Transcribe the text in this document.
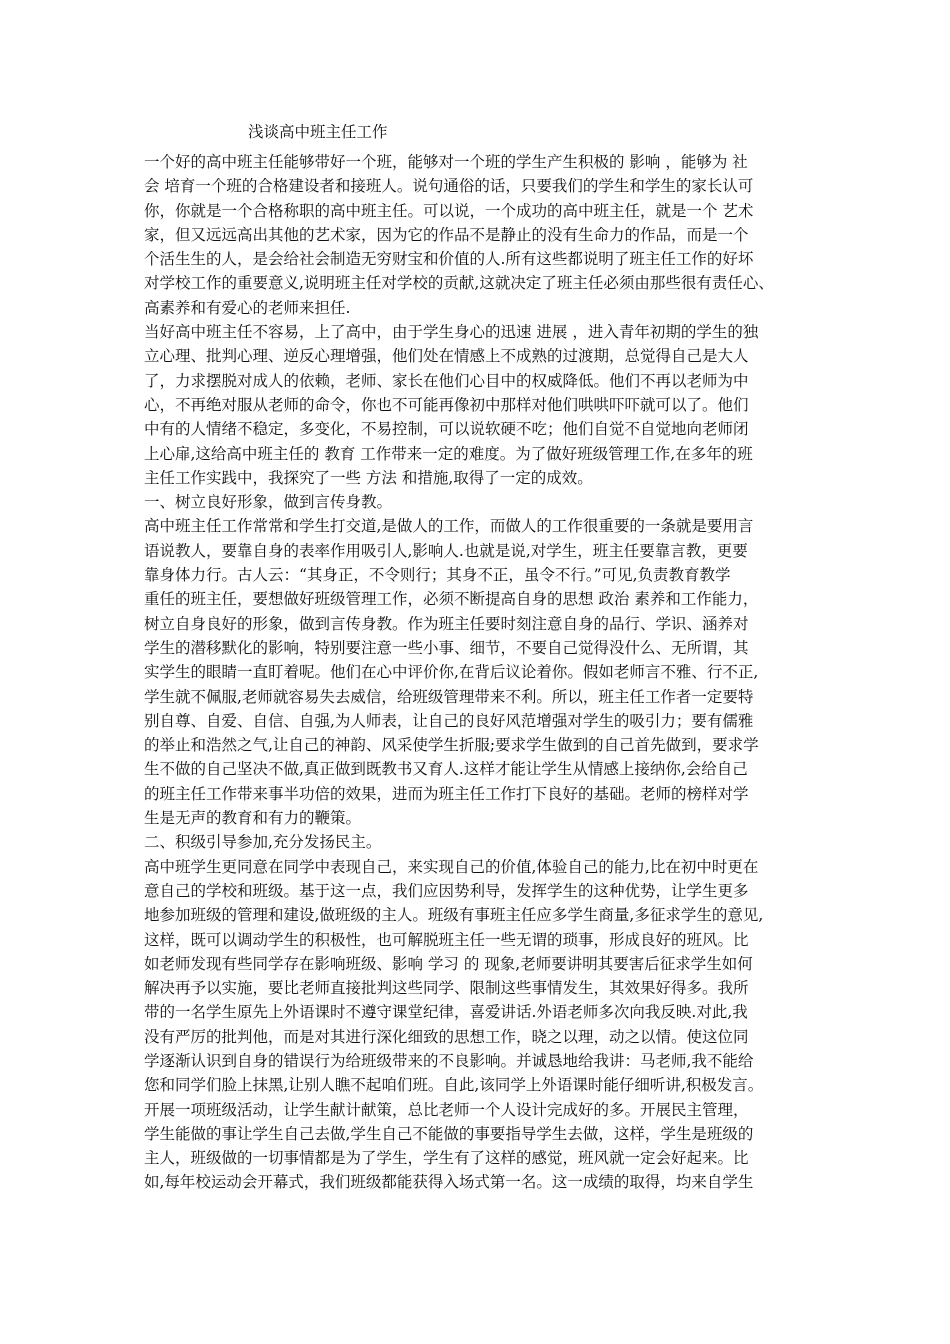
浅谈高中班主任工作
一个好的高中班主任能够带好一个班，能够对一个班的学生产生积极的 影响 ，能够为 社
会 培育一个班的合格建设者和接班人。说句通俗的话，只要我们的学生和学生的家长认可
你，你就是一个合格称职的高中班主任。可以说，一个成功的高中班主任，就是一个 艺术
家，但又远远高出其他的艺术家，因为它的作品不是静止的没有生命力的作品，而是一个
个活生生的人，是会给社会制造无穷财宝和价值的人.所有这些都说明了班主任工作的好坏
对学校工作的重要意义,说明班主任对学校的贡献,这就决定了班主任必须由那些很有责任心、
高素养和有爱心的老师来担任.
当好高中班主任不容易，上了高中，由于学生身心的迅速 进展 ，进入青年初期的学生的独
立心理、批判心理、逆反心理增强，他们处在情感上不成熟的过渡期，总觉得自己是大人
了，力求摆脱对成人的依赖，老师、家长在他们心目中的权威降低。他们不再以老师为中
心，不再绝对服从老师的命令，你也不可能再像初中那样对他们哄哄吓吓就可以了。他们
中有的人情绪不稳定，多变化，不易控制，可以说软硬不吃；他们自觉不自觉地向老师闭
上心扉,这给高中班主任的 教育 工作带来一定的难度。为了做好班级管理工作,在多年的班
主任工作实践中，我探究了一些 方法 和措施,取得了一定的成效。
一、树立良好形象，做到言传身教。
高中班主任工作常常和学生打交道,是做人的工作，而做人的工作很重要的一条就是要用言
语说教人，要靠自身的表率作用吸引人,影响人.也就是说,对学生，班主任要靠言教，更要
靠身体力行。古人云：“其身正，不令则行；其身不正，虽令不行。”可见,负责教育教学
重任的班主任，要想做好班级管理工作，必须不断提高自身的思想 政治 素养和工作能力，
树立自身良好的形象，做到言传身教。作为班主任要时刻注意自身的品行、学识、涵养对
学生的潜移默化的影响，特别要注意一些小事、细节，不要自己觉得没什么、无所谓，其
实学生的眼睛一直盯着呢。他们在心中评价你,在背后议论着你。假如老师言不雅、行不正,
学生就不佩服,老师就容易失去威信，给班级管理带来不利。所以，班主任工作者一定要特
别自尊、自爱、自信、自强,为人师表，让自己的良好风范增强对学生的吸引力；要有儒雅
的举止和浩然之气,让自己的神韵、风采使学生折服;要求学生做到的自己首先做到，要求学
生不做的自己坚决不做,真正做到既教书又育人.这样才能让学生从情感上接纳你,会给自己
的班主任工作带来事半功倍的效果，进而为班主任工作打下良好的基础。老师的榜样对学
生是无声的教育和有力的鞭策。
二、积级引导参加,充分发扬民主。
高中班学生更同意在同学中表现自己，来实现自己的价值,体验自己的能力,比在初中时更在
意自己的学校和班级。基于这一点，我们应因势利导，发挥学生的这种优势，让学生更多
地参加班级的管理和建设,做班级的主人。班级有事班主任应多学生商量,多征求学生的意见,
这样，既可以调动学生的积极性，也可解脱班主任一些无谓的琐事，形成良好的班风。比
如老师发现有些同学存在影响班级、影响 学习 的 现象,老师要讲明其要害后征求学生如何
解决再予以实施，要比老师直接批判这些同学、限制这些事情发生，其效果好得多。我所
带的一名学生原先上外语课时不遵守课堂纪律，喜爱讲话.外语老师多次向我反映.对此,我
没有严厉的批判他，而是对其进行深化细致的思想工作，晓之以理，动之以情。使这位同
学逐渐认识到自身的错误行为给班级带来的不良影响。并诚恳地给我讲：马老师,我不能给
您和同学们脸上抹黑,让别人瞧不起咱们班。自此,该同学上外语课时能仔细听讲,积极发言。
开展一项班级活动，让学生献计献策，总比老师一个人设计完成好的多。开展民主管理，
学生能做的事让学生自己去做,学生自己不能做的事要指导学生去做，这样，学生是班级的
主人，班级做的一切事情都是为了学生，学生有了这样的感觉，班风就一定会好起来。比
如,每年校运动会开幕式，我们班级都能获得入场式第一名。这一成绩的取得，均来自学生
